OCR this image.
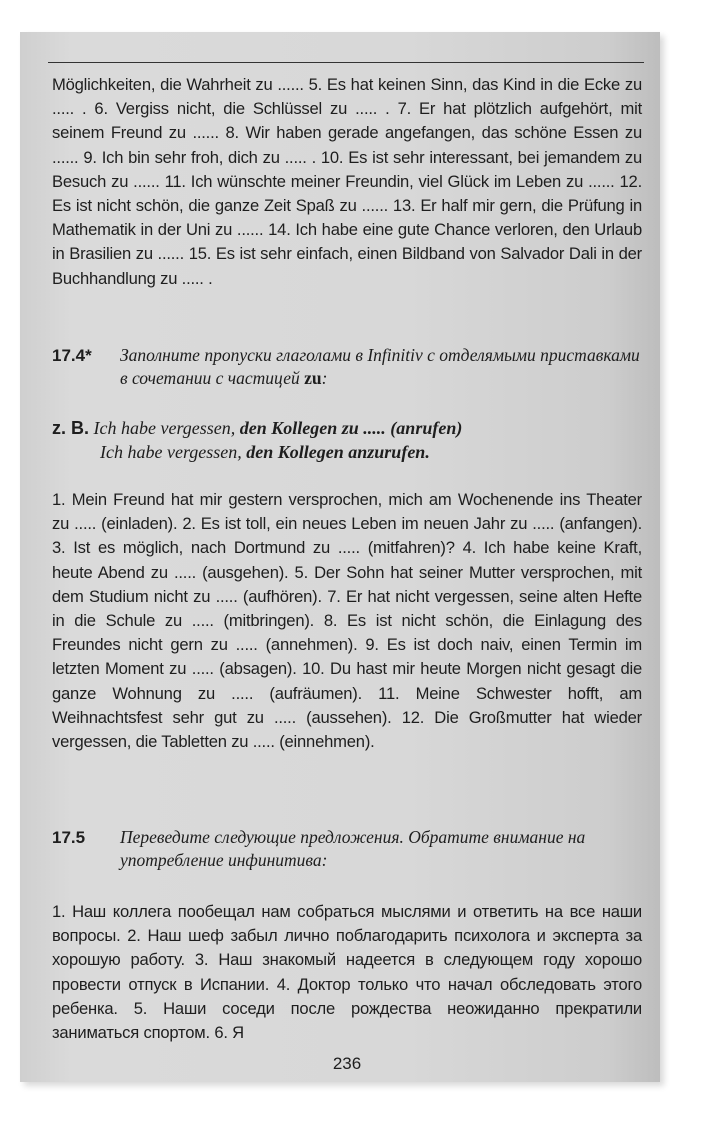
Möglichkeiten, die Wahrheit zu ...... 5. Es hat keinen Sinn, das Kind in die Ecke zu ..... . 6. Vergiss nicht, die Schlüssel zu ..... . 7. Er hat plötzlich aufgehört, mit seinem Freund zu ...... 8. Wir haben gerade angefangen, das schöne Essen zu ...... 9. Ich bin sehr froh, dich zu ..... . 10. Es ist sehr interessant, bei jemandem zu Besuch zu ...... 11. Ich wünschte meiner Freundin, viel Glück im Leben zu ...... 12. Es ist nicht schön, die ganze Zeit Spaß zu ...... 13. Er half mir gern, die Prüfung in Mathematik in der Uni zu ...... 14. Ich habe eine gute Chance verloren, den Urlaub in Brasilien zu ...... 15. Es ist sehr einfach, einen Bildband von Salvador Dali in der Buchhandlung zu ..... .

17.4* Заполните пропуски глаголами в Infinitiv с отделямыми приставками в сочетании с частицей zu:
z. B. Ich habe vergessen, den Kollegen zu ..... (anrufen)
Ich habe vergessen, den Kollegen anzurufen.

1. Mein Freund hat mir gestern versprochen, mich am Wochenende ins Theater zu ..... (einladen). 2. Es ist toll, ein neues Leben im neuen Jahr zu ..... (anfangen). 3. Ist es möglich, nach Dortmund zu ..... (mitfahren)? 4. Ich habe keine Kraft, heute Abend zu ..... (ausgehen). 5. Der Sohn hat seiner Mutter versprochen, mit dem Studium nicht zu ..... (aufhören). 7. Er hat nicht vergessen, seine alten Hefte in die Schule zu ..... (mitbringen). 8. Es ist nicht schön, die Einlagung des Freundes nicht gern zu ..... (annehmen). 9. Es ist doch naiv, einen Termin im letzten Moment zu ..... (absagen). 10. Du hast mir heute Morgen nicht gesagt die ganze Wohnung zu ..... (aufräumen). 11. Meine Schwester hofft, am Weihnachtsfest sehr gut zu ..... (aussehen). 12. Die Großmutter hat wieder vergessen, die Tabletten zu ..... (einnehmen).

17.5 Переведите следующие предложения. Обратите внимание на употребление инфинитива:

1. Наш коллега пообещал нам собраться мыслями и ответить на все наши вопросы. 2. Наш шеф забыл лично поблагодарить психолога и эксперта за хорошую работу. 3. Наш знакомый надеется в следующем году хорошо провести отпуск в Испании. 4. Доктор только что начал обследовать этого ребенка. 5. Наши соседи после рождества неожиданно прекратили заниматься спортом. 6. Я

236
